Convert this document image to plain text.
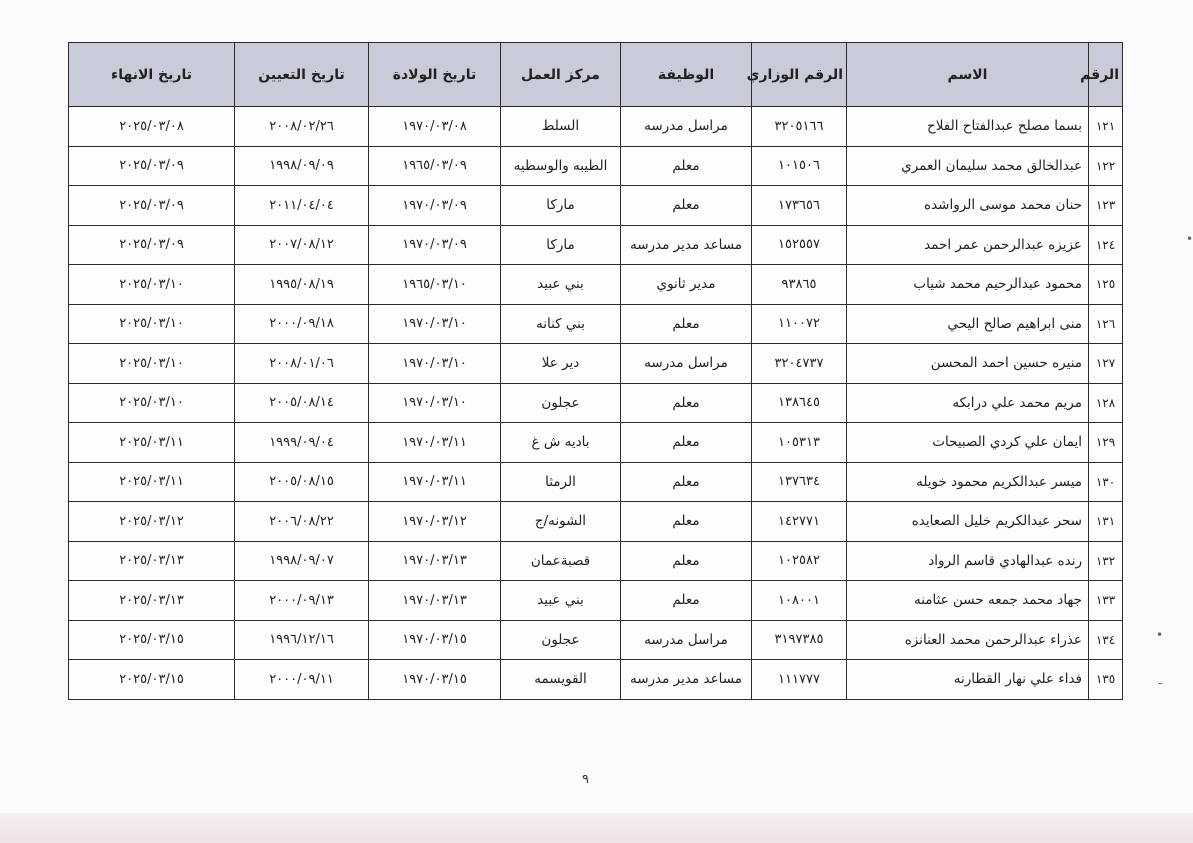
الرقم	الاسم	الرقم الوزاري	الوظيفة	مركز العمل	تاريخ الولادة	تاريخ التعيين	تاريخ الانهاء
١٢١	بسما مصلح عبدالفتاح الفلاح	٣٢٠٥١٦٦	مراسل مدرسه	السلط	١٩٧٠/٠٣/٠٨	٢٠٠٨/٠٢/٢٦	٢٠٢٥/٠٣/٠٨
١٢٢	عبدالخالق محمد سليمان العمري	١٠١٥٠٦	معلم	الطيبه والوسطيه	١٩٦٥/٠٣/٠٩	١٩٩٨/٠٩/٠٩	٢٠٢٥/٠٣/٠٩
١٢٣	حنان محمد موسى الرواشده	١٧٣٦٥٦	معلم	ماركا	١٩٧٠/٠٣/٠٩	٢٠١١/٠٤/٠٤	٢٠٢٥/٠٣/٠٩
١٢٤	عزيزه عبدالرحمن عمر احمد	١٥٢٥٥٧	مساعد مدير مدرسه	ماركا	١٩٧٠/٠٣/٠٩	٢٠٠٧/٠٨/١٢	٢٠٢٥/٠٣/٠٩
١٢٥	محمود عبدالرحيم محمد شياب	٩٣٨٦٥	مدير ثانوي	بني عبيد	١٩٦٥/٠٣/١٠	١٩٩٥/٠٨/١٩	٢٠٢٥/٠٣/١٠
١٢٦	منى ابراهيم صالح اليحي	١١٠٠٧٢	معلم	بني كنانه	١٩٧٠/٠٣/١٠	٢٠٠٠/٠٩/١٨	٢٠٢٥/٠٣/١٠
١٢٧	منيره حسين احمد المحسن	٣٢٠٤٧٣٧	مراسل مدرسه	دير علا	١٩٧٠/٠٣/١٠	٢٠٠٨/٠١/٠٦	٢٠٢٥/٠٣/١٠
١٢٨	مريم محمد علي درابكه	١٣٨٦٤٥	معلم	عجلون	١٩٧٠/٠٣/١٠	٢٠٠٥/٠٨/١٤	٢٠٢٥/٠٣/١٠
١٢٩	ايمان علي كردي الصبيحات	١٠٥٣١٣	معلم	باديه ش غ	١٩٧٠/٠٣/١١	١٩٩٩/٠٩/٠٤	٢٠٢٥/٠٣/١١
١٣٠	ميسر عبدالكريم محمود خويله	١٣٧٦٣٤	معلم	الرمثا	١٩٧٠/٠٣/١١	٢٠٠٥/٠٨/١٥	٢٠٢٥/٠٣/١١
١٣١	سحر عبدالكريم خليل الصعايده	١٤٢٧٧١	معلم	الشونه/ج	١٩٧٠/٠٣/١٢	٢٠٠٦/٠٨/٢٢	٢٠٢٥/٠٣/١٢
١٣٢	رنده عبدالهادي قاسم الرواد	١٠٢٥٨٢	معلم	قصبةعمان	١٩٧٠/٠٣/١٣	١٩٩٨/٠٩/٠٧	٢٠٢٥/٠٣/١٣
١٣٣	جهاد محمد جمعه حسن عثامنه	١٠٨٠٠١	معلم	بني عبيد	١٩٧٠/٠٣/١٣	٢٠٠٠/٠٩/١٣	٢٠٢٥/٠٣/١٣
١٣٤	عذراء عبدالرحمن محمد العنانزه	٣١٩٧٣٨٥	مراسل مدرسه	عجلون	١٩٧٠/٠٣/١٥	١٩٩٦/١٢/١٦	٢٠٢٥/٠٣/١٥
١٣٥	فداء علي نهار القطارنه	١١١٧٧٧	مساعد مدير مدرسه	القويسمه	١٩٧٠/٠٣/١٥	٢٠٠٠/٠٩/١١	٢٠٢٥/٠٣/١٥
٩
•
•
-
